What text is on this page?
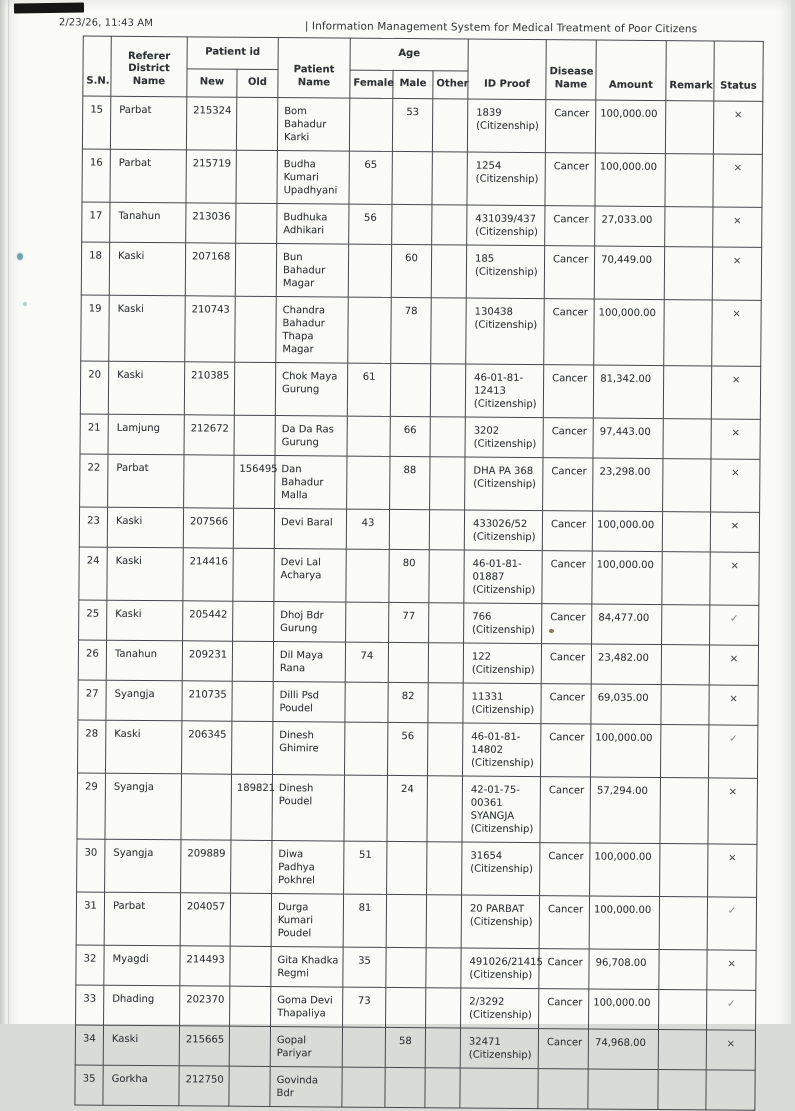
2/23/26, 11:43 AM	| Information Management System for Medical Treatment of Poor Citizens
S.N.	Referer District Name	Patient id		Patient Name	Age			ID Proof	Disease Name	Amount	Remark	Status
		New	Old		Female	Male	Other					
15	Parbat	215324		Bom
Bahadur
Karki		53		1839
(Citizenship)	Cancer	100,000.00		×
16	Parbat	215719		Budha
Kumari
Upadhyani	65			1254
(Citizenship)	Cancer	100,000.00		×
17	Tanahun	213036		Budhuka
Adhikari	56			431039/437
(Citizenship)	Cancer	27,033.00		×
18	Kaski	207168		Bun Bahadur
Magar		60		185
(Citizenship)	Cancer	70,449.00		×
19	Kaski	210743		Chandra
Bahadur
Thapa Magar		78		130438
(Citizenship)	Cancer	100,000.00		×
20	Kaski	210385		Chok Maya
Gurung	61			46-01-81-
12413
(Citizenship)	Cancer	81,342.00		×
21	Lamjung	212672		Da Da Ras
Gurung		66		3202
(Citizenship)	Cancer	97,443.00		×
22	Parbat		156495	Dan Bahadur
Malla		88		DHA PA 368
(Citizenship)	Cancer	23,298.00		×
23	Kaski	207566		Devi Baral	43			433026/52
(Citizenship)	Cancer	100,000.00		×
24	Kaski	214416		Devi Lal
Acharya		80		46-01-81-
01887
(Citizenship)	Cancer	100,000.00		×
25	Kaski	205442		Dhoj Bdr
Gurung		77		766
(Citizenship)	Cancer	84,477.00		✓
26	Tanahun	209231		Dil Maya
Rana	74			122
(Citizenship)	Cancer	23,482.00		×
27	Syangja	210735		Dilli Psd
Poudel		82		11331
(Citizenship)	Cancer	69,035.00		×
28	Kaski	206345		Dinesh
Ghimire		56		46-01-81-
14802
(Citizenship)	Cancer	100,000.00		✓
29	Syangja		189821	Dinesh
Poudel		24		42-01-75-
00361
SYANGJA
(Citizenship)	Cancer	57,294.00		×
30	Syangja	209889		Diwa Padhya
Pokhrel	51			31654
(Citizenship)	Cancer	100,000.00		×
31	Parbat	204057		Durga
Kumari
Poudel	81			20 PARBAT
(Citizenship)	Cancer	100,000.00		✓
32	Myagdi	214493		Gita Khadka
Regmi	35			491026/21415
(Citizenship)	Cancer	96,708.00		×
33	Dhading	202370		Goma Devi
Thapaliya	73			2/3292
(Citizenship)	Cancer	100,000.00		✓
34	Kaski	215665		Gopal Pariyar		58		32471
(Citizenship)	Cancer	74,968.00		×
35	Gorkha	212750		Govinda Bdr								
